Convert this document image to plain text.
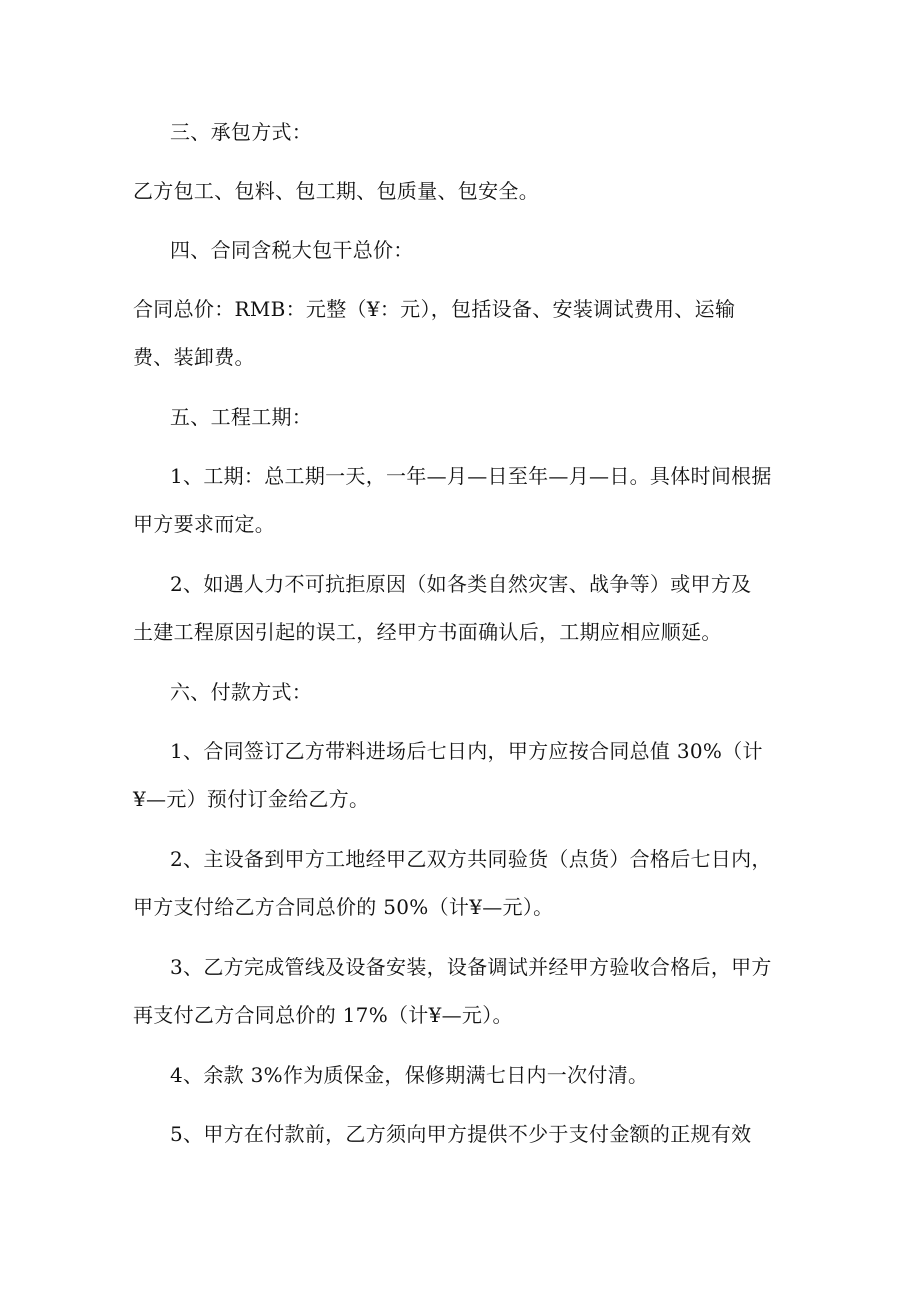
三、承包方式：
乙方包工、包料、包工期、包质量、包安全。
四、合同含税大包干总价：
合同总价：RMB：元整（¥：元），包括设备、安装调试费用、运输
费、装卸费。
五、工程工期：
1、工期：总工期一天，一年—月—日至年—月—日。具体时间根据
甲方要求而定。
2、如遇人力不可抗拒原因（如各类自然灾害、战争等）或甲方及
土建工程原因引起的误工，经甲方书面确认后，工期应相应顺延。
六、付款方式：
1、合同签订乙方带料进场后七日内，甲方应按合同总值 30%（计
¥—元）预付订金给乙方。
2、主设备到甲方工地经甲乙双方共同验货（点货）合格后七日内，
甲方支付给乙方合同总价的 50%（计¥—元）。
3、乙方完成管线及设备安装，设备调试并经甲方验收合格后，甲方
再支付乙方合同总价的 17%（计¥—元）。
4、余款 3%作为质保金，保修期满七日内一次付清。
5、甲方在付款前，乙方须向甲方提供不少于支付金额的正规有效
